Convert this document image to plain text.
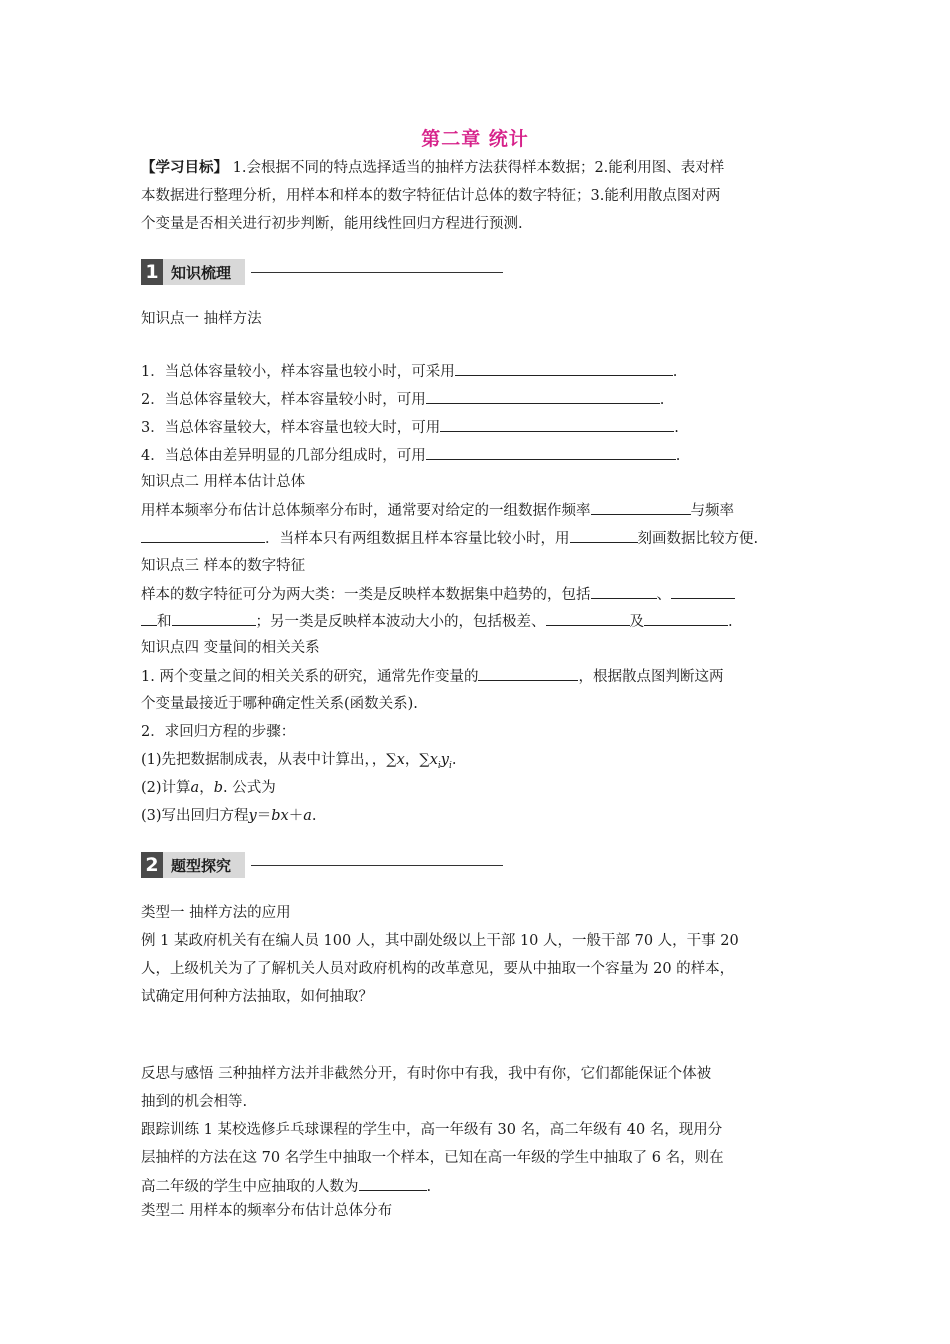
第二章 统计
【学习目标】 1.会根据不同的特点选择适当的抽样方法获得样本数据；2.能利用图、表对样
本数据进行整理分析，用样本和样本的数字特征估计总体的数字特征；3.能利用散点图对两
个变量是否相关进行初步判断，能用线性回归方程进行预测.
1 知识梳理
知识点一 抽样方法
1．当总体容量较小，样本容量也较小时，可采用	.
2．当总体容量较大，样本容量较小时，可用	.
3．当总体容量较大，样本容量也较大时，可用	.
4．当总体由差异明显的几部分组成时，可用	.
知识点二 用样本估计总体
用样本频率分布估计总体频率分布时，通常要对给定的一组数据作频率	与频率
．当样本只有两组数据且样本容量比较小时，用	刻画数据比较方便.
知识点三 样本的数字特征
样本的数字特征可分为两大类：一类是反映样本数据集中趋势的，包括	、
和	；另一类是反映样本波动大小的，包括极差、	及	.
知识点四 变量间的相关关系
1. 两个变量之间的相关关系的研究，通常先作变量的	，根据散点图判断这两
个变量最接近于哪种确定性关系(函数关系).
2．求回归方程的步骤：
(1)先把数据制成表，从表中计算出，，∑x，$\sum x_iy_i$.
(2)计算a，b. 公式为
(3)写出回归方程y＝bx＋a.
2 题型探究
类型一 抽样方法的应用
例 1 某政府机关有在编人员 100 人，其中副处级以上干部 10 人，一般干部 70 人，干事 20
人，上级机关为了了解机关人员对政府机构的改革意见，要从中抽取一个容量为 20 的样本，
试确定用何种方法抽取，如何抽取？
反思与感悟 三种抽样方法并非截然分开，有时你中有我，我中有你，它们都能保证个体被
抽到的机会相等.
跟踪训练 1 某校选修乒乓球课程的学生中，高一年级有 30 名，高二年级有 40 名，现用分
层抽样的方法在这 70 名学生中抽取一个样本，已知在高一年级的学生中抽取了 6 名，则在
高二年级的学生中应抽取的人数为	.
类型二 用样本的频率分布估计总体分布
